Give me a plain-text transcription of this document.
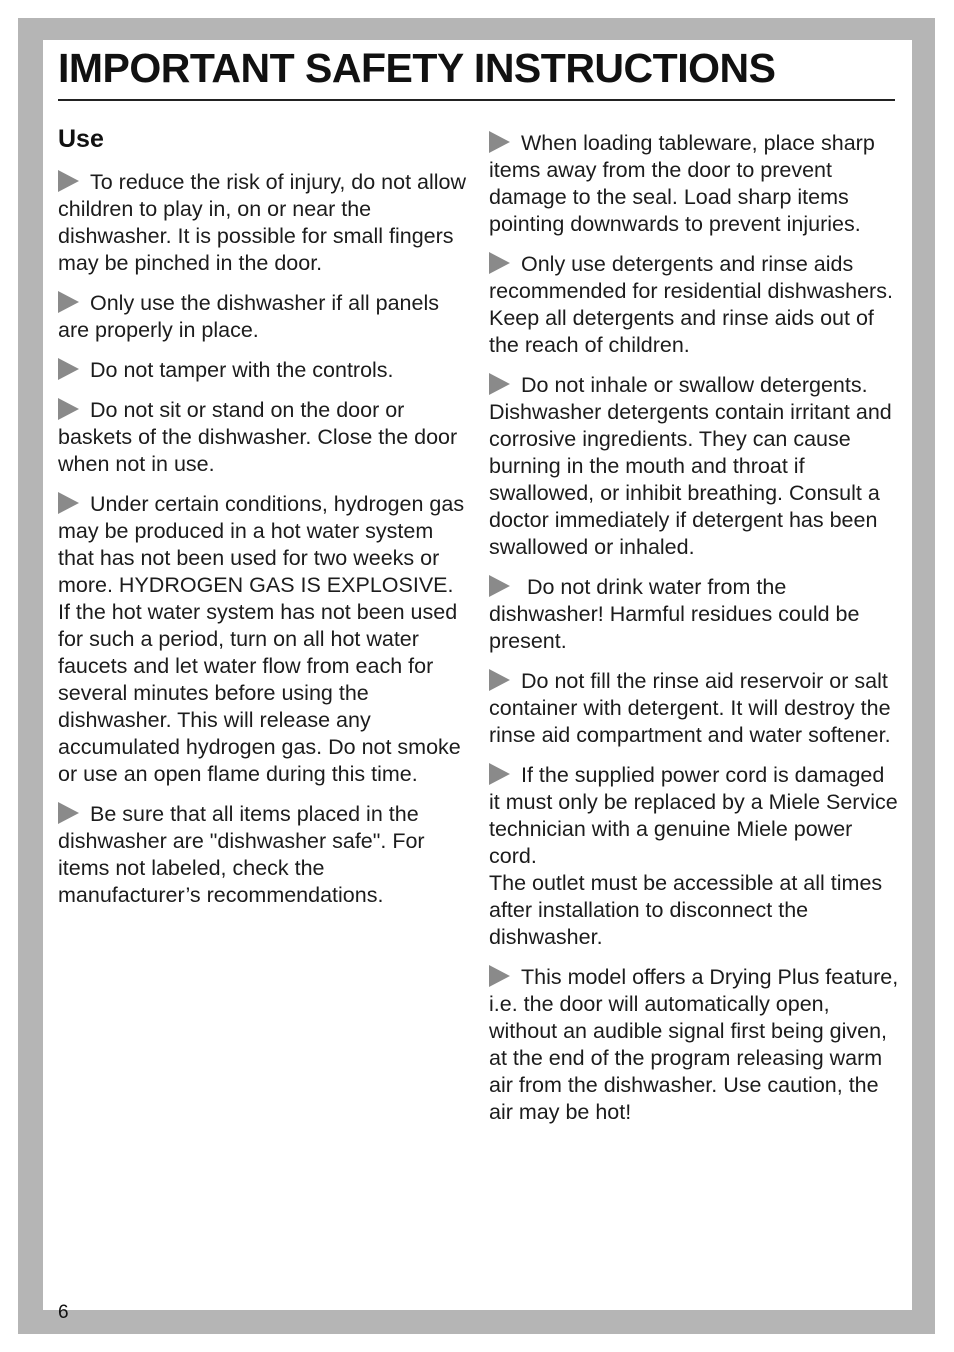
IMPORTANT SAFETY INSTRUCTIONS
Use

To reduce the risk of injury, do not allow children to play in, on or near the dishwasher. It is possible for small fingers may be pinched in the door.

Only use the dishwasher if all panels are properly in place.

Do not tamper with the controls.

Do not sit or stand on the door or baskets of the dishwasher. Close the door when not in use.

Under certain conditions, hydrogen gas may be produced in a hot water system that has not been used for two weeks or more. HYDROGEN GAS IS EXPLOSIVE. If the hot water system has not been used for such a period, turn on all hot water faucets and let water flow from each for several minutes before using the dishwasher. This will release any accumulated hydrogen gas. Do not smoke or use an open flame during this time.

Be sure that all items placed in the dishwasher are "dishwasher safe". For items not labeled, check the manufacturer’s recommendations.

When loading tableware, place sharp items away from the door to prevent damage to the seal. Load sharp items pointing downwards to prevent injuries.

Only use detergents and rinse aids recommended for residential dishwashers. Keep all detergents and rinse aids out of the reach of children.

Do not inhale or swallow detergents. Dishwasher detergents contain irritant and corrosive ingredients. They can cause burning in the mouth and throat if swallowed, or inhibit breathing. Consult a doctor immediately if detergent has been swallowed or inhaled.

Do not drink water from the dishwasher! Harmful residues could be present.

Do not fill the rinse aid reservoir or salt container with detergent. It will destroy the rinse aid compartment and water softener.

If the supplied power cord is damaged it must only be replaced by a Miele Service technician with a genuine Miele power cord.
The outlet must be accessible at all times after installation to disconnect the dishwasher.

This model offers a Drying Plus feature, i.e. the door will automatically open, without an audible signal first being given, at the end of the program releasing warm air from the dishwasher. Use caution, the air may be hot!

6
